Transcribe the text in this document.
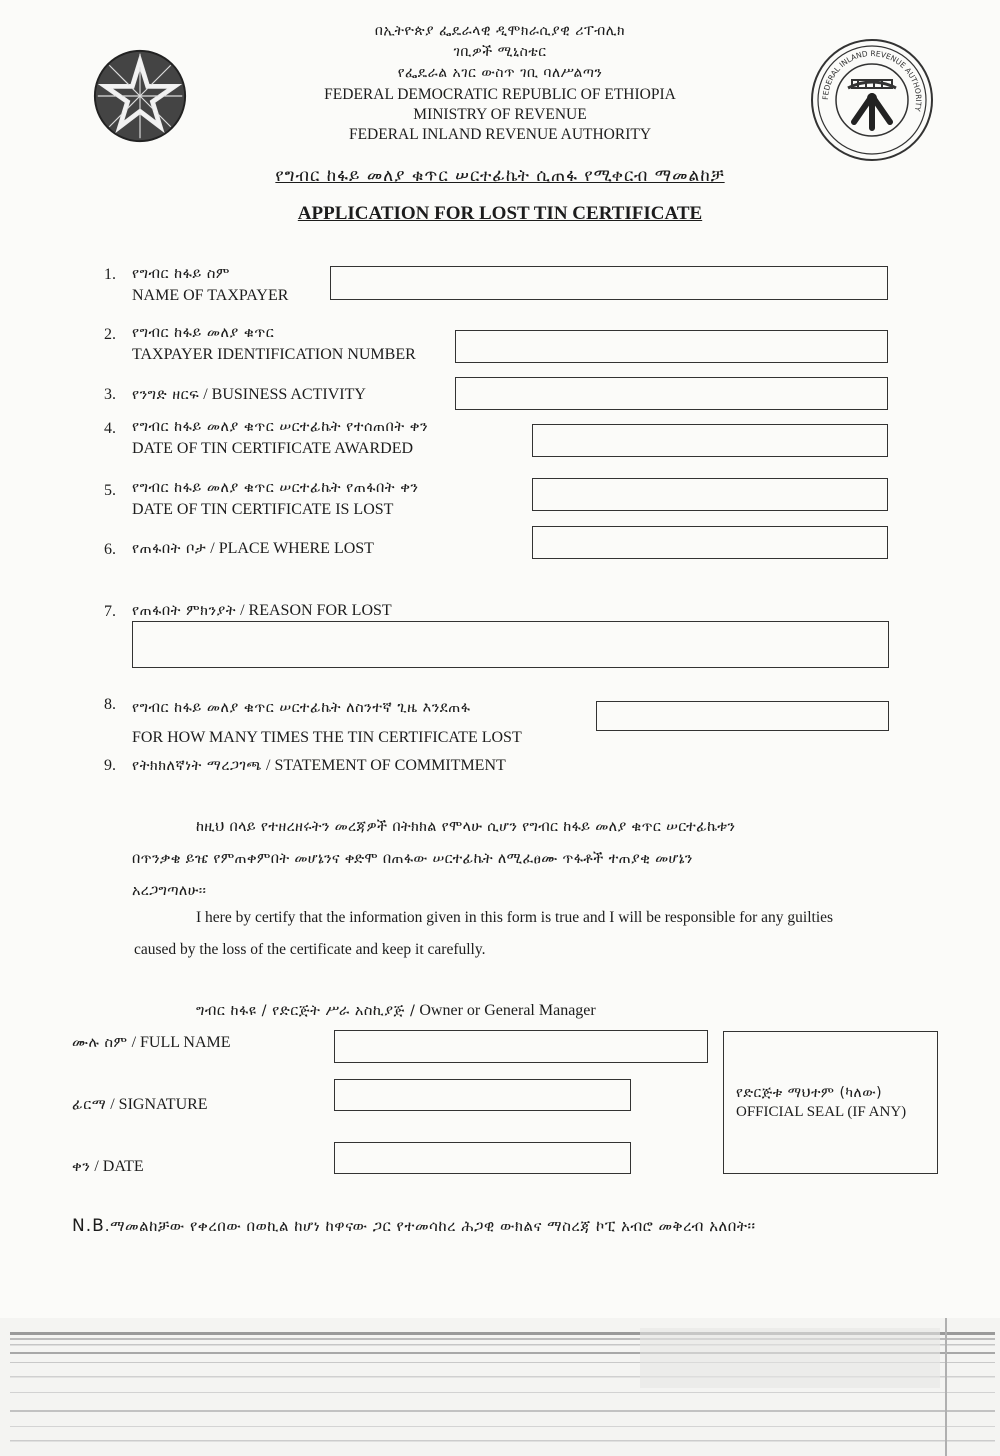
በኢትዮጵያ ፌዴራላዊ ዲሞክራሲያዊ ሪፐብሊክ
ገቢዎች ሚኒስቴር
የፌዴራል አገር ውስጥ ገቢ ባለሥልጣን
FEDERAL DEMOCRATIC REPUBLIC OF ETHIOPIA
MINISTRY OF REVENUE
FEDERAL INLAND REVENUE AUTHORITY
FEDERAL INLAND REVENUE AUTHORITY
የግብር ከፋይ መለያ ቁጥር ሠርተፊኬት ሲጠፋ የሚቀርብ ማመልከቻ
APPLICATION FOR LOST TIN CERTIFICATE
1. የግብር ከፋይ ስም
NAME OF TAXPAYER
2. የግብር ከፋይ መለያ ቁጥር
TAXPAYER IDENTIFICATION NUMBER
3. የንግድ ዘርፍ / BUSINESS ACTIVITY
4. የግብር ከፋይ መለያ ቁጥር ሠርተፊኬት የተሰጠበት ቀን
DATE OF TIN CERTIFICATE AWARDED
5. የግብር ከፋይ መለያ ቁጥር ሠርተፊኬት የጠፋበት ቀን
DATE OF TIN CERTIFICATE IS LOST
6. የጠፋበት ቦታ / PLACE WHERE LOST
7. የጠፋበት ምክንያት / REASON FOR LOST
8. የግብር ከፋይ መለያ ቁጥር ሠርተፊኬት ለስንተኛ ጊዜ እንደጠፋ
FOR HOW MANY TIMES THE TIN CERTIFICATE LOST
9. የትክክለኛነት ማረጋገጫ / STATEMENT OF COMMITMENT
ከዚህ በላይ የተዘረዘሩትን መረጃዎች በትክክል የሞላሁ ሲሆን የግብር ከፋይ መለያ ቁጥር ሠርተፊኬቱን
በጥንቃቄ ይዤ የምጠቀምበት መሆኔንና ቀድሞ በጠፋው ሠርተፊኬት ለሚፈፀሙ ጥፋቶች ተጠያቂ መሆኔን
አረጋግጣለሁ፡፡
I here by certify that the information given in this form is true and I will be responsible for any guilties
caused by the loss of the certificate and keep it carefully.
ግብር ከፋዩ / የድርጅት ሥራ አስኪያጅ / Owner or General Manager
ሙሉ ስም / FULL NAME
ፊርማ / SIGNATURE
ቀን / DATE
የድርጅቱ ማህተም (ካለው)
OFFICIAL SEAL (IF ANY)
N.B.ማመልከቻው የቀረበው በወኪል ከሆነ ከዋናው ጋር የተመሳከረ ሕጋዊ ውክልና ማስረጃ ኮፒ አብሮ መቅረብ አለበት፡፡
